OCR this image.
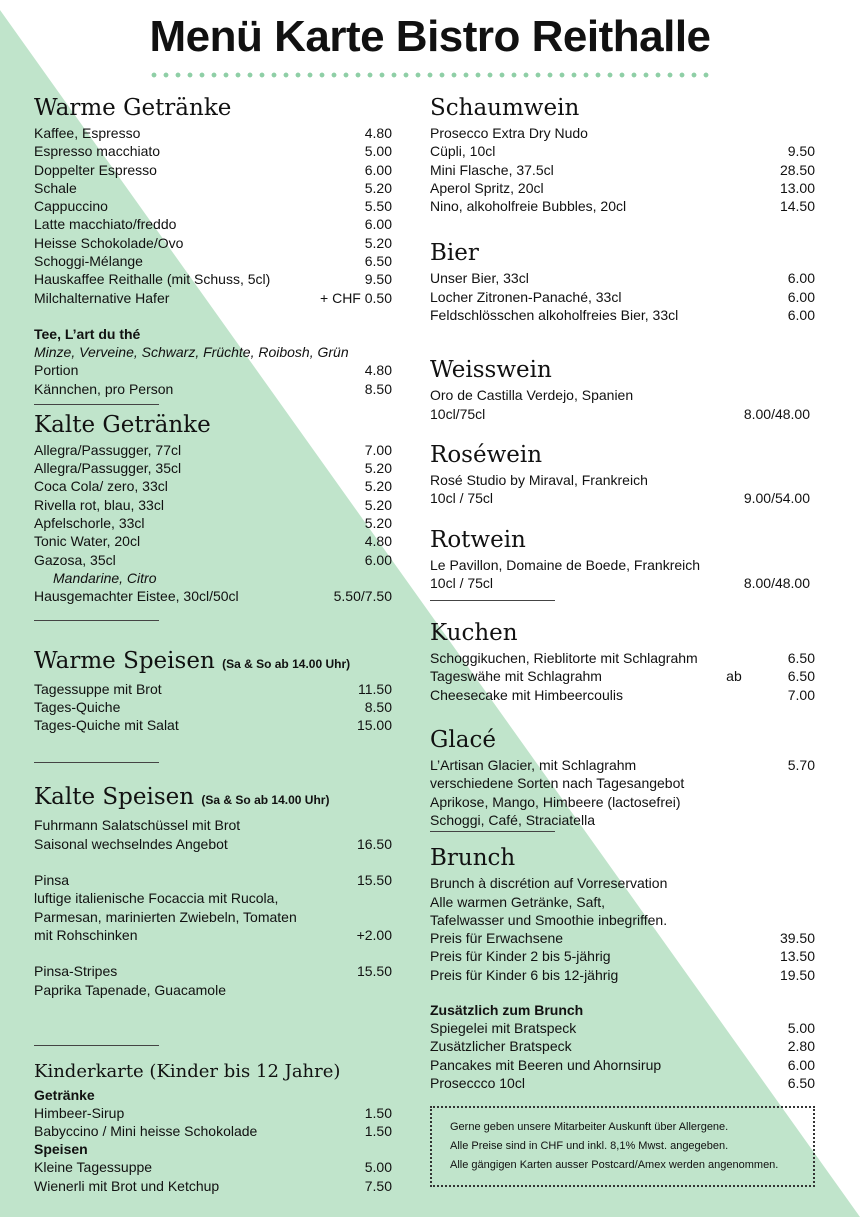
Menü Karte Bistro Reithalle
Warme Getränke
Kaffee, Espresso	4.80
Espresso macchiato	5.00
Doppelter Espresso	6.00
Schale	5.20
Cappuccino	5.50
Latte macchiato/freddo	6.00
Heisse Schokolade/Ovo	5.20
Schoggi-Mélange	6.50
Hauskaffee Reithalle (mit Schuss, 5cl)	9.50
Milchalternative Hafer	+ CHF 0.50
Tee, L’art du thé
Minze, Verveine, Schwarz, Früchte, Roibosh, Grün
Portion	4.80
Kännchen, pro Person	8.50
Kalte Getränke
Allegra/Passugger, 77cl	7.00
Allegra/Passugger, 35cl	5.20
Coca Cola/ zero, 33cl	5.20
Rivella rot, blau, 33cl	5.20
Apfelschorle, 33cl	5.20
Tonic Water, 20cl	4.80
Gazosa, 35cl	6.00
Mandarine, Citro
Hausgemachter Eistee, 30cl/50cl	5.50/7.50
Warme Speisen (Sa & So ab 14.00 Uhr)
Tagessuppe mit Brot	11.50
Tages-Quiche	8.50
Tages-Quiche mit Salat	15.00
Kalte Speisen (Sa & So ab 14.00 Uhr)
Fuhrmann Salatschüssel mit Brot
Saisonal wechselndes Angebot	16.50
Pinsa	15.50
luftige italienische Focaccia mit Rucola,
Parmesan, marinierten Zwiebeln, Tomaten
mit Rohschinken	+2.00
Pinsa-Stripes	15.50
Paprika Tapenade, Guacamole
Kinderkarte (Kinder bis 12 Jahre)
Getränke
Himbeer-Sirup	1.50
Babyccino / Mini heisse Schokolade	1.50
Speisen
Kleine Tagessuppe	5.00
Wienerli mit Brot und Ketchup	7.50
Schaumwein
Prosecco Extra Dry Nudo
Cüpli, 10cl	9.50
Mini Flasche, 37.5cl	28.50
Aperol Spritz, 20cl	13.00
Nino, alkoholfreie Bubbles, 20cl	14.50
Bier
Unser Bier, 33cl	6.00
Locher Zitronen-Panaché, 33cl	6.00
Feldschlösschen alkoholfreies Bier, 33cl	6.00
Weisswein
Oro de Castilla Verdejo, Spanien
10cl/75cl	8.00/48.00
Roséwein
Rosé Studio by Miraval, Frankreich
10cl / 75cl	9.00/54.00
Rotwein
Le Pavillon, Domaine de Boede, Frankreich
10cl / 75cl	8.00/48.00
Kuchen
Schoggikuchen, Rieblitorte mit Schlagrahm	6.50
Tageswähe mit Schlagrahm	ab	6.50
Cheesecake mit Himbeercoulis	7.00
Glacé
L’Artisan Glacier, mit Schlagrahm	5.70
verschiedene Sorten nach Tagesangebot
Aprikose, Mango, Himbeere (lactosefrei)
Schoggi, Café, Straciatella
Brunch
Brunch à discrétion auf Vorreservation
Alle warmen Getränke, Saft,
Tafelwasser und Smoothie inbegriffen.
Preis für Erwachsene	39.50
Preis für Kinder 2 bis 5-jährig	13.50
Preis für Kinder 6 bis 12-jährig	19.50
Zusätzlich zum Brunch
Spiegelei mit Bratspeck	5.00
Zusätzlicher Bratspeck	2.80
Pancakes mit Beeren und Ahornsirup	6.00
Proseccco 10cl	6.50
Gerne geben unsere Mitarbeiter Auskunft über Allergene.
Alle Preise sind in CHF und inkl. 8,1% Mwst. angegeben.
Alle gängigen Karten ausser Postcard/Amex werden angenommen.
